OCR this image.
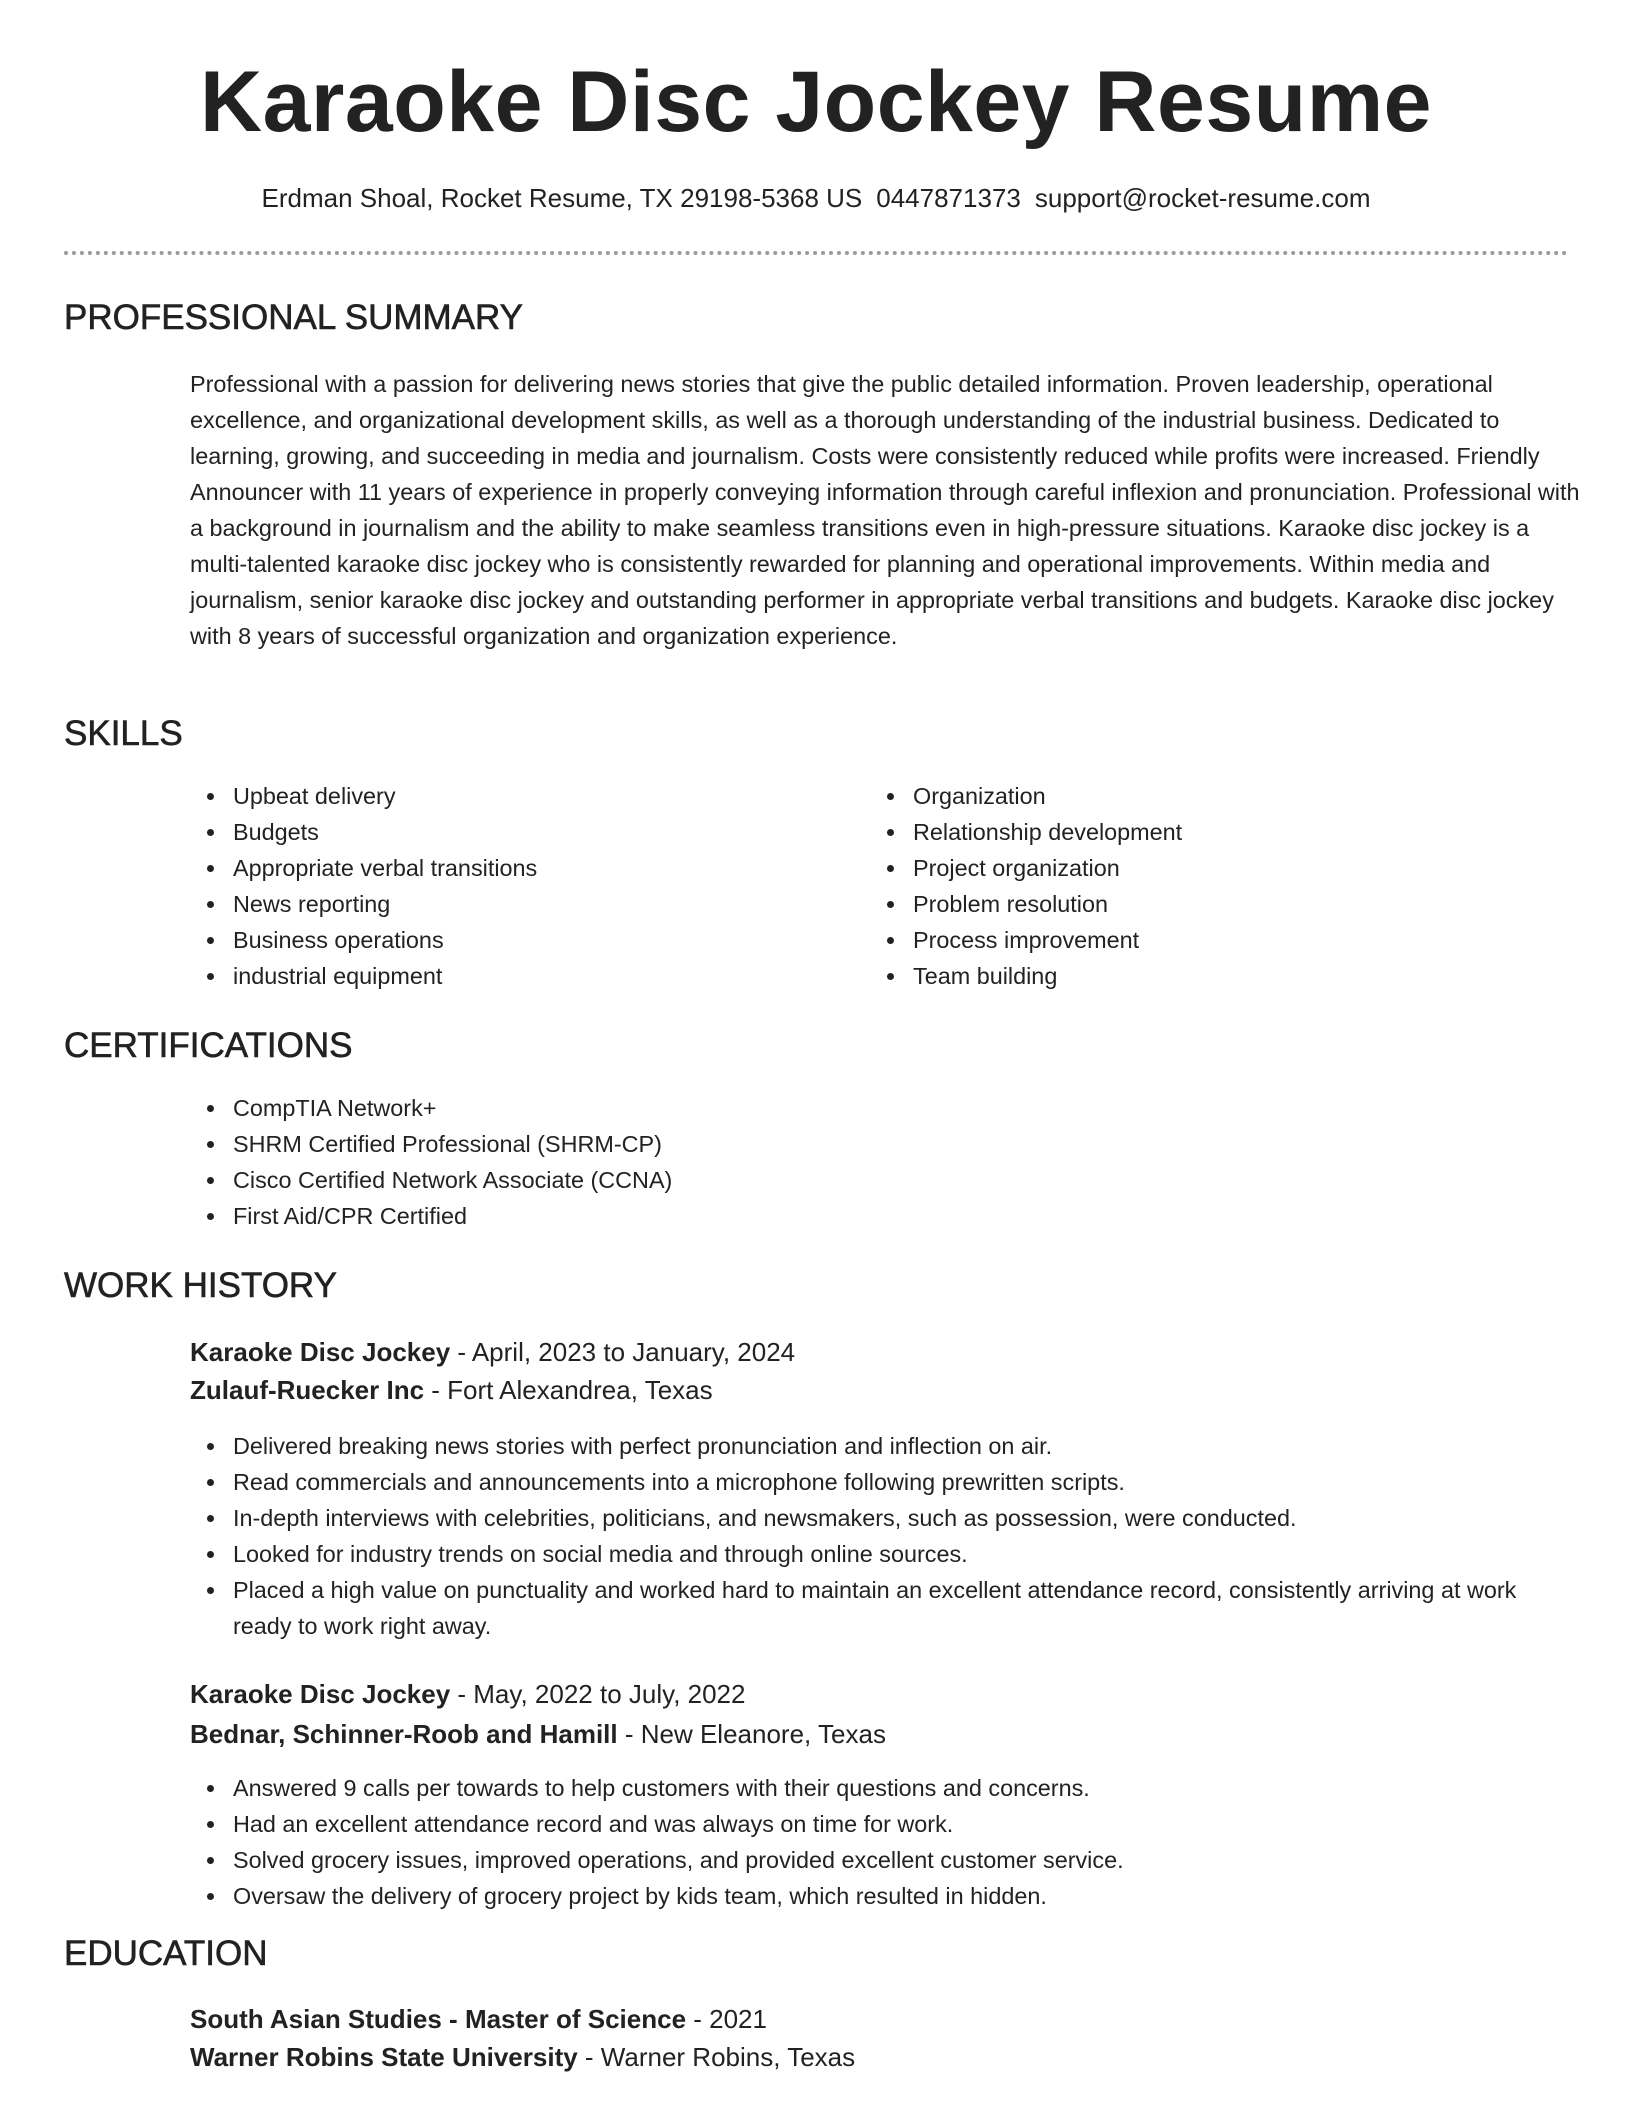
Karaoke Disc Jockey Resume
Erdman Shoal, Rocket Resume, TX 29198-5368 US 0447871373 support@rocket-resume.com
PROFESSIONAL SUMMARY

Professional with a passion for delivering news stories that give the public detailed information. Proven leadership, operational excellence, and organizational development skills, as well as a thorough understanding of the industrial business. Dedicated to learning, growing, and succeeding in media and journalism. Costs were consistently reduced while profits were increased. Friendly Announcer with 11 years of experience in properly conveying information through careful inflexion and pronunciation. Professional with a background in journalism and the ability to make seamless transitions even in high-pressure situations. Karaoke disc jockey is a multi-talented karaoke disc jockey who is consistently rewarded for planning and operational improvements. Within media and journalism, senior karaoke disc jockey and outstanding performer in appropriate verbal transitions and budgets. Karaoke disc jockey with 8 years of successful organization and organization experience.

SKILLS
Upbeat delivery
Budgets
Appropriate verbal transitions
News reporting
Business operations
industrial equipment
Organization
Relationship development
Project organization
Problem resolution
Process improvement
Team building
CERTIFICATIONS
CompTIA Network+
SHRM Certified Professional (SHRM-CP)
Cisco Certified Network Associate (CCNA)
First Aid/CPR Certified
WORK HISTORY
Karaoke Disc Jockey - April, 2023 to January, 2024
Zulauf-Ruecker Inc - Fort Alexandrea, Texas
Delivered breaking news stories with perfect pronunciation and inflection on air.
Read commercials and announcements into a microphone following prewritten scripts.
In-depth interviews with celebrities, politicians, and newsmakers, such as possession, were conducted.
Looked for industry trends on social media and through online sources.
Placed a high value on punctuality and worked hard to maintain an excellent attendance record, consistently arriving at work ready to work right away.
Karaoke Disc Jockey - May, 2022 to July, 2022
Bednar, Schinner-Roob and Hamill - New Eleanore, Texas
Answered 9 calls per towards to help customers with their questions and concerns.
Had an excellent attendance record and was always on time for work.
Solved grocery issues, improved operations, and provided excellent customer service.
Oversaw the delivery of grocery project by kids team, which resulted in hidden.
EDUCATION
South Asian Studies - Master of Science - 2021
Warner Robins State University - Warner Robins, Texas
